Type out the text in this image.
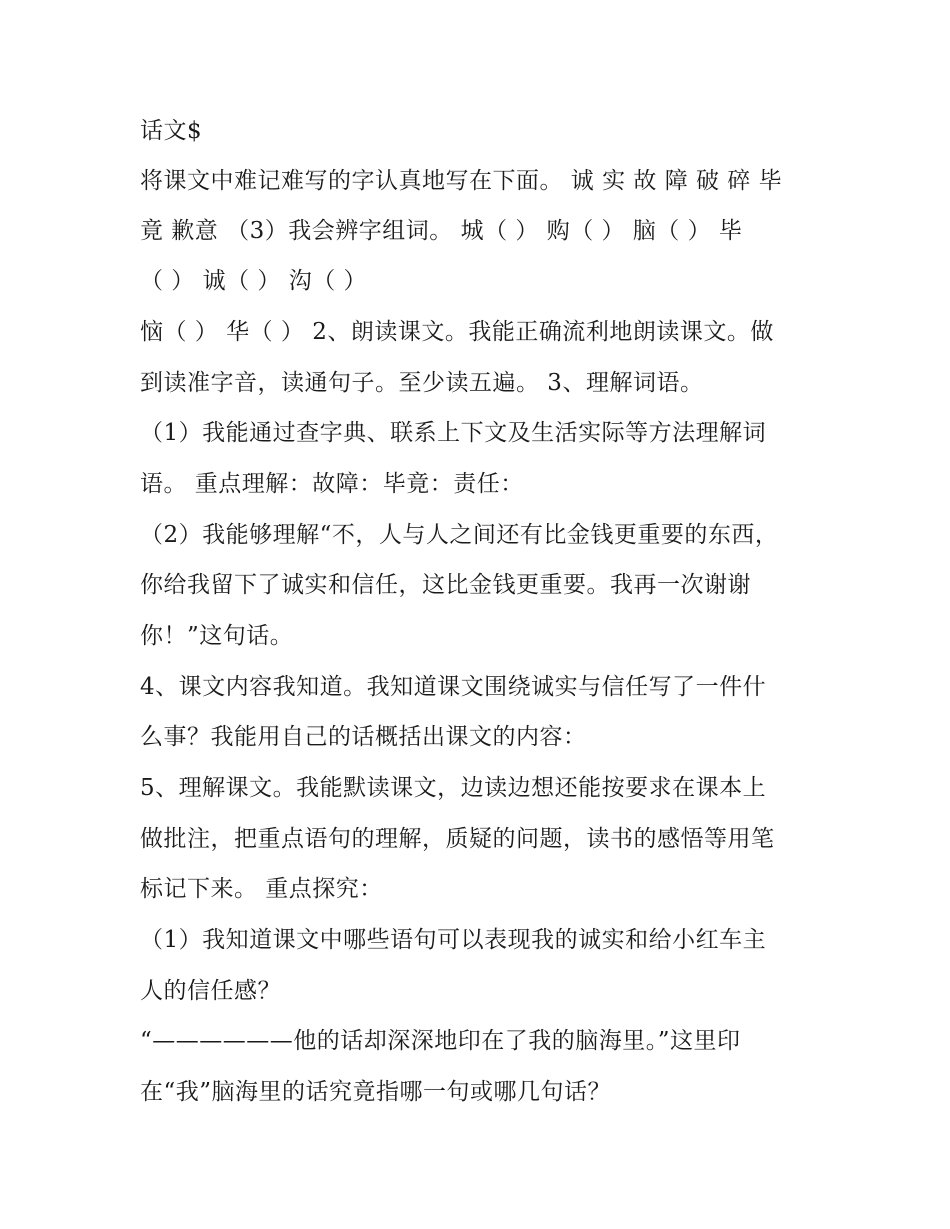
话文$
将课文中难记难写的字认真地写在下面。 诚 实 故 障 破 碎 毕
竟 歉意 （3）我会辨字组词。 城（ ） 购（ ） 脑（ ） 毕
（ ） 诚（ ） 沟（ ）
恼（ ） 华（ ） 2、朗读课文。我能正确流利地朗读课文。做
到读准字音，读通句子。至少读五遍。 3、理解词语。
（1）我能通过查字典、联系上下文及生活实际等方法理解词
语。 重点理解：故障：毕竟：责任：
（2）我能够理解“不，人与人之间还有比金钱更重要的东西，
你给我留下了诚实和信任，这比金钱更重要。我再一次谢谢
你！”这句话。
4、课文内容我知道。我知道课文围绕诚实与信任写了一件什
么事？我能用自己的话概括出课文的内容：
5、理解课文。我能默读课文，边读边想还能按要求在课本上
做批注，把重点语句的理解，质疑的问题，读书的感悟等用笔
标记下来。 重点探究：
（1）我知道课文中哪些语句可以表现我的诚实和给小红车主
人的信任感？
“——————他的话却深深地印在了我的脑海里。”这里印
在“我”脑海里的话究竟指哪一句或哪几句话？
